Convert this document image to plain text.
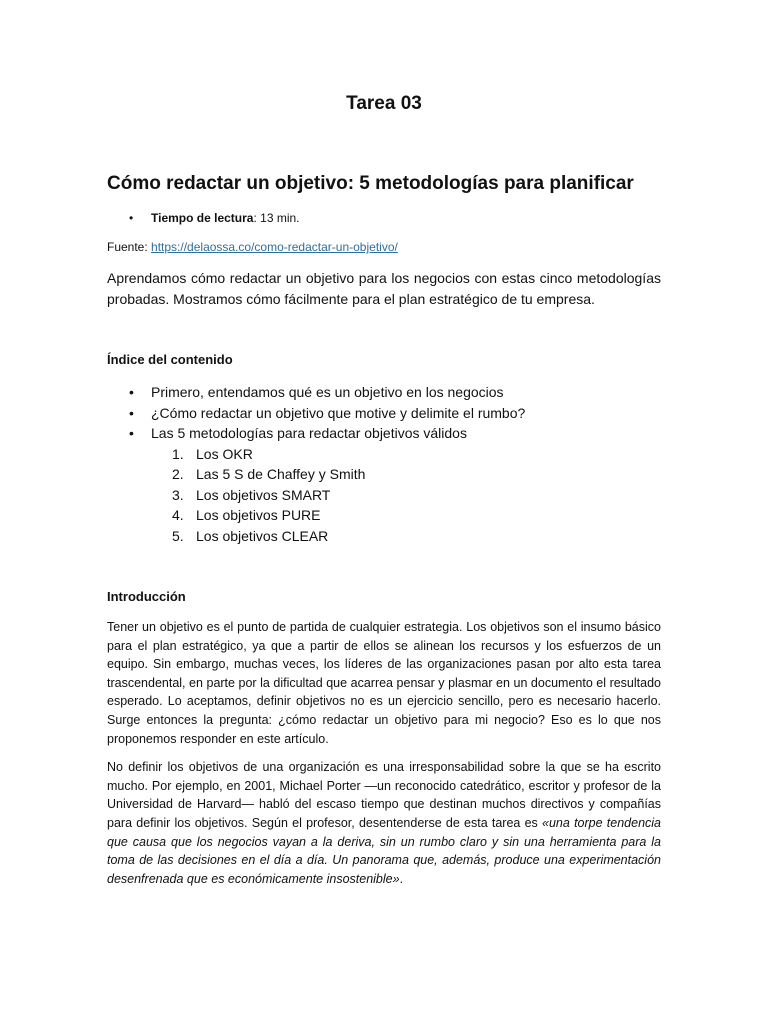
Tarea 03
Cómo redactar un objetivo: 5 metodologías para planificar
• Tiempo de lectura: 13 min.

Fuente: https://delaossa.co/como-redactar-un-objetivo/

Aprendamos cómo redactar un objetivo para los negocios con estas cinco metodologías probadas. Mostramos cómo fácilmente para el plan estratégico de tu empresa.

Índice del contenido
• Primero, entendamos qué es un objetivo en los negocios
• ¿Cómo redactar un objetivo que motive y delimite el rumbo?
• Las 5 metodologías para redactar objetivos válidos
1. Los OKR
2. Las 5 S de Chaffey y Smith
3. Los objetivos SMART
4. Los objetivos PURE
5. Los objetivos CLEAR
Introducción

Tener un objetivo es el punto de partida de cualquier estrategia. Los objetivos son el insumo básico para el plan estratégico, ya que a partir de ellos se alinean los recursos y los esfuerzos de un equipo. Sin embargo, muchas veces, los líderes de las organizaciones pasan por alto esta tarea trascendental, en parte por la dificultad que acarrea pensar y plasmar en un documento el resultado esperado. Lo aceptamos, definir objetivos no es un ejercicio sencillo, pero es necesario hacerlo. Surge entonces la pregunta: ¿cómo redactar un objetivo para mi negocio? Eso es lo que nos proponemos responder en este artículo.

No definir los objetivos de una organización es una irresponsabilidad sobre la que se ha escrito mucho. Por ejemplo, en 2001, Michael Porter —un reconocido catedrático, escritor y profesor de la Universidad de Harvard— habló del escaso tiempo que destinan muchos directivos y compañías para definir los objetivos. Según el profesor, desentenderse de esta tarea es «una torpe tendencia que causa que los negocios vayan a la deriva, sin un rumbo claro y sin una herramienta para la toma de las decisiones en el día a día. Un panorama que, además, produce una experimentación desenfrenada que es económicamente insostenible».
